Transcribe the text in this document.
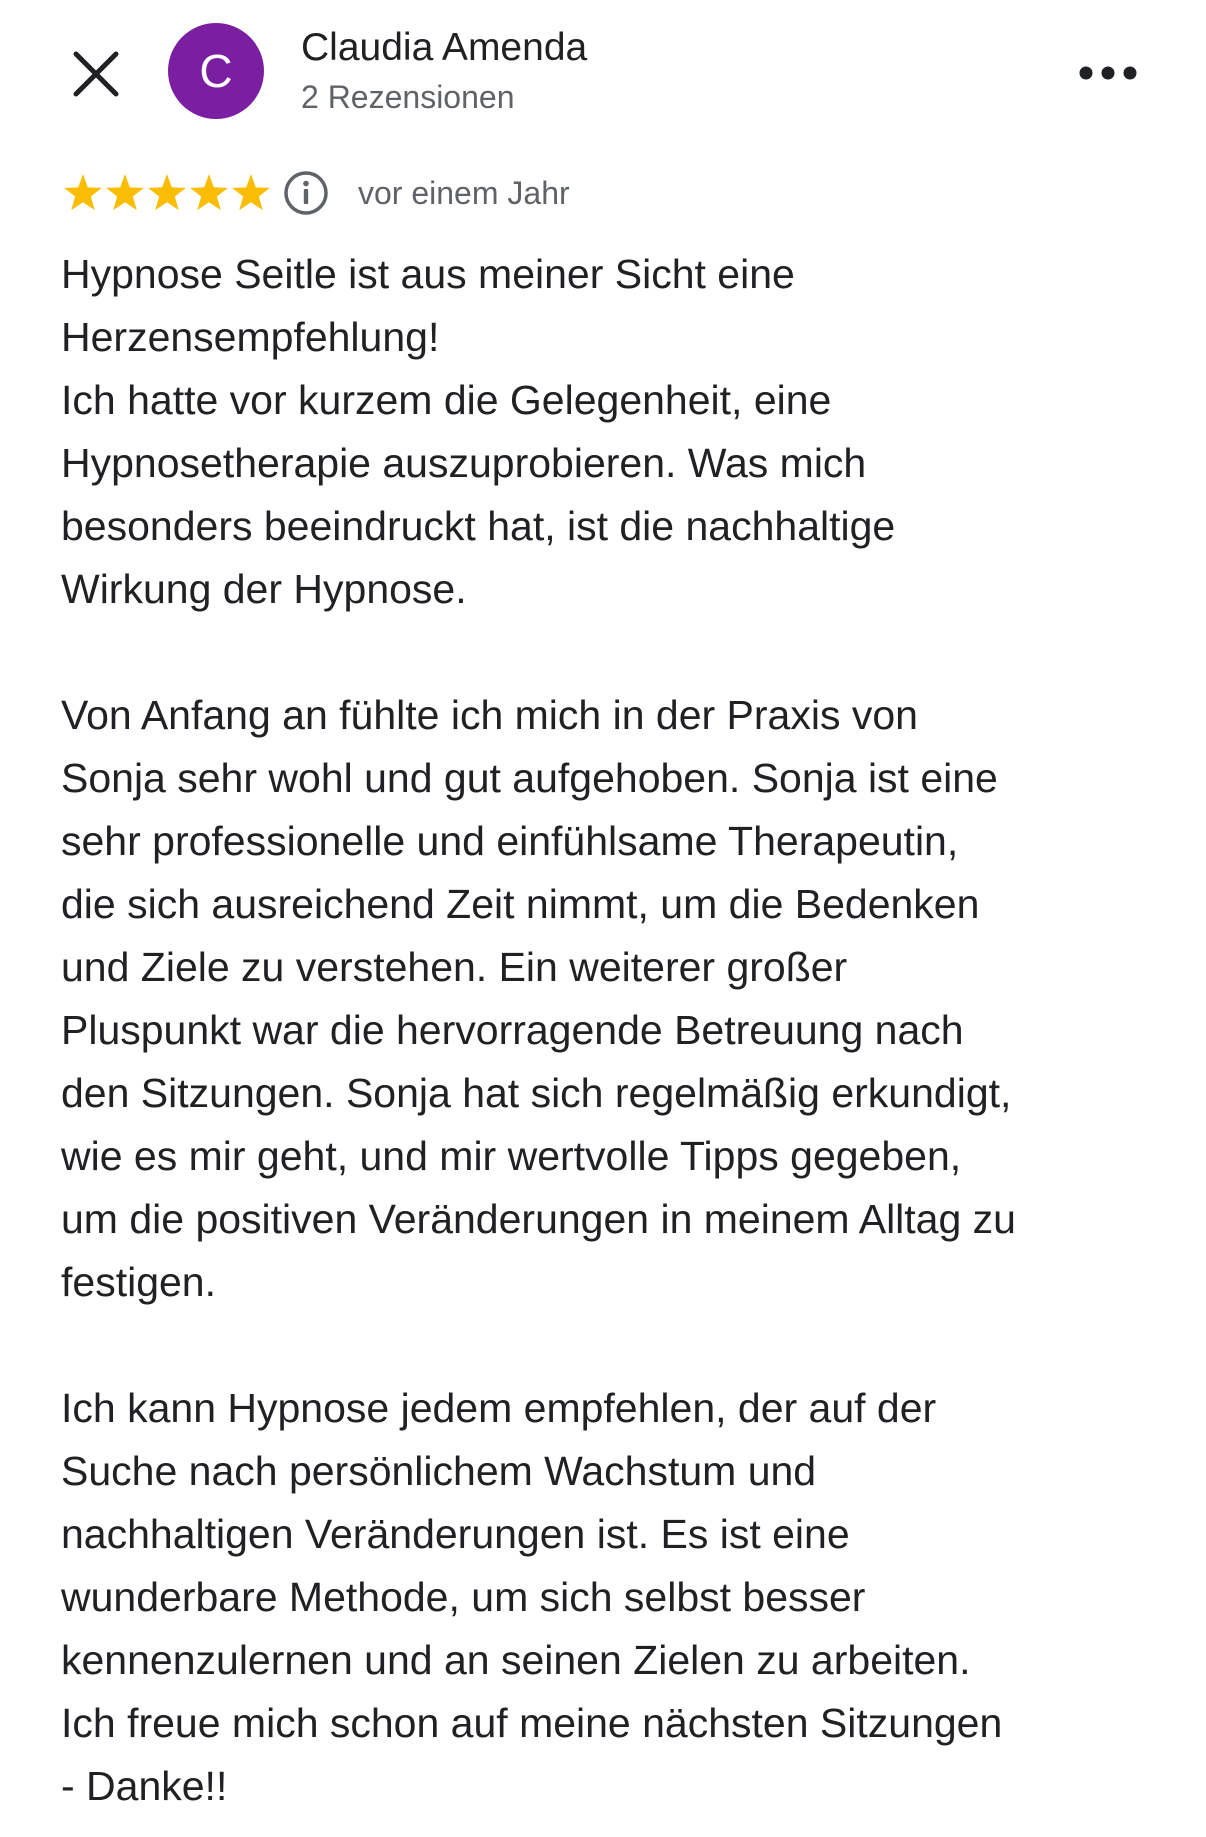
C	Claudia Amenda
2 Rezensionen
vor einem Jahr
Hypnose Seitle ist aus meiner Sicht eine
Herzensempfehlung!
Ich hatte vor kurzem die Gelegenheit, eine
Hypnosetherapie auszuprobieren. Was mich
besonders beeindruckt hat, ist die nachhaltige
Wirkung der Hypnose.
Von Anfang an fühlte ich mich in der Praxis von
Sonja sehr wohl und gut aufgehoben. Sonja ist eine
sehr professionelle und einfühlsame Therapeutin,
die sich ausreichend Zeit nimmt, um die Bedenken
und Ziele zu verstehen. Ein weiterer großer
Pluspunkt war die hervorragende Betreuung nach
den Sitzungen. Sonja hat sich regelmäßig erkundigt,
wie es mir geht, und mir wertvolle Tipps gegeben,
um die positiven Veränderungen in meinem Alltag zu
festigen.
Ich kann Hypnose jedem empfehlen, der auf der
Suche nach persönlichem Wachstum und
nachhaltigen Veränderungen ist. Es ist eine
wunderbare Methode, um sich selbst besser
kennenzulernen und an seinen Zielen zu arbeiten.
Ich freue mich schon auf meine nächsten Sitzungen
- Danke!!
